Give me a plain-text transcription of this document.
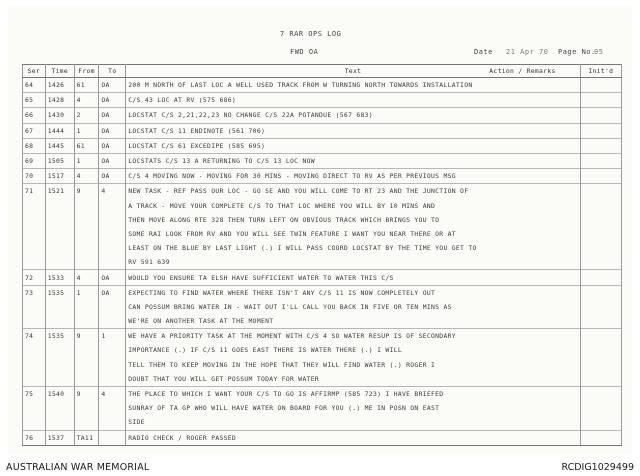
7 RAR OPS LOG
FWD OA	Date 21 Apr 70 Page No.
05
Ser	Time	From	To	Text Action / Remarks	Init'd
64	1426	61	OA	200 M NORTH OF LAST LOC A WELL USED TRACK FROM W TURNING NORTH TOWARDS INSTALLATION	
65	1428	4	OA	C/S 43 LOC AT RV (575 686)	
66	1430	2	OA	LOCSTAT C/S 2,21,22,23 NO CHANGE C/S 22A POTANDUE (567 683)	
67	1444	1	OA	LOCSTAT C/S 11 ENDINOTE (561 706)	
68	1445	61	OA	LOCSTAT C/S 61 EXCEDIPE (585 695)	
69	1505	1	OA	LOCSTATS C/S 13 A RETURNING TO C/S 13 LOC NOW	
70	1517	4	OA	C/S 4 MOVING NOW - MOVING FOR 30 MINS - MOVING DIRECT TO RV AS PER PREVIOUS MSG	
71	1521	9	4	NEW TASK - REF PASS OUR LOC - GO SE AND YOU WILL COME TO RT 23 AND THE JUNCTION OF	
				A TRACK - MOVE YOUR COMPLETE C/S TO THAT LOC WHERE YOU WILL BY 10 MINS AND	
				THEN MOVE ALONG RTE 328 THEN TURN LEFT ON OBVIOUS TRACK WHICH BRINGS YOU TO	
				SOME RAI LOOK FROM RV AND YOU WILL SEE TWIN FEATURE I WANT YOU NEAR THERE OR AT	
				LEAST ON THE BLUE BY LAST LIGHT (.) I WILL PASS COORD LOCSTAT BY THE TIME YOU GET TO	
				RV 591 639	
72	1533	4	OA	WOULD YOU ENSURE TA ELSH HAVE SUFFICIENT WATER TO WATER THIS C/S	
73	1535	1	OA	EXPECTING TO FIND WATER WHERE THERE ISN'T ANY C/S 11 IS NOW COMPLETELY OUT	
				CAN POSSUM BRING WATER IN - WAIT OUT I'LL CALL YOU BACK IN FIVE OR TEN MINS AS	
				WE'RE ON ANOTHER TASK AT THE MOMENT	
74	1535	9	1	WE HAVE A PRIORITY TASK AT THE MOMENT WITH C/S 4 SO WATER RESUP IS OF SECONDARY	
				IMPORTANCE (.) IF C/S 11 GOES EAST THERE IS WATER THERE (.) I WILL	
				TELL THEM TO KEEP MOVING IN THE HOPE THAT THEY WILL FIND WATER (.) ROGER I	
				DOUBT THAT YOU WILL GET POSSUM TODAY FOR WATER	
75	1540	9	4	THE PLACE TO WHICH I WANT YOUR C/S TO GO IS AFFIRMP (585 723) I HAVE BRIEFED	
				SUNRAY OF TA GP WHO WILL HAVE WATER ON BOARD FOR YOU (.) ME IN POSN ON EAST	
				SIDE	
76	1537	TA11		RADIO CHECK / ROGER PASSED	
AUSTRALIAN WAR MEMORIAL	RCDIG1029499
